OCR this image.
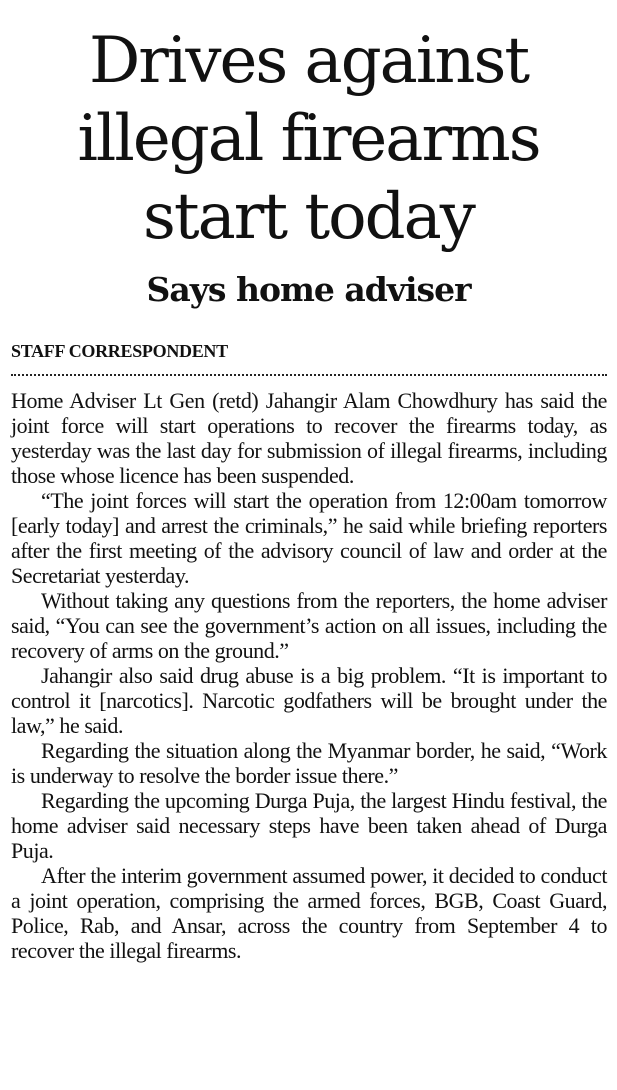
Drives against illegal firearms start today
Says home adviser
STAFF CORRESPONDENT

Home Adviser Lt Gen (retd) Jahangir Alam Chowdhury has said the joint force will start operations to recover the firearms today, as yesterday was the last day for submission of illegal firearms, including those whose licence has been suspended.

“The joint forces will start the operation from 12:00am tomorrow [early today] and arrest the criminals,” he said while briefing reporters after the first meeting of the advisory council of law and order at the Secretariat yesterday.

Without taking any questions from the reporters, the home adviser said, “You can see the government’s action on all issues, including the recovery of arms on the ground.”

Jahangir also said drug abuse is a big problem. “It is important to control it [narcotics]. Narcotic godfathers will be brought under the law,” he said.

Regarding the situation along the Myanmar border, he said, “Work is underway to resolve the border issue there.”

Regarding the upcoming Durga Puja, the largest Hindu festival, the home adviser said necessary steps have been taken ahead of Durga Puja.

After the interim government assumed power, it decided to conduct a joint operation, comprising the armed forces, BGB, Coast Guard, Police, Rab, and Ansar, across the country from September 4 to recover the illegal firearms.
